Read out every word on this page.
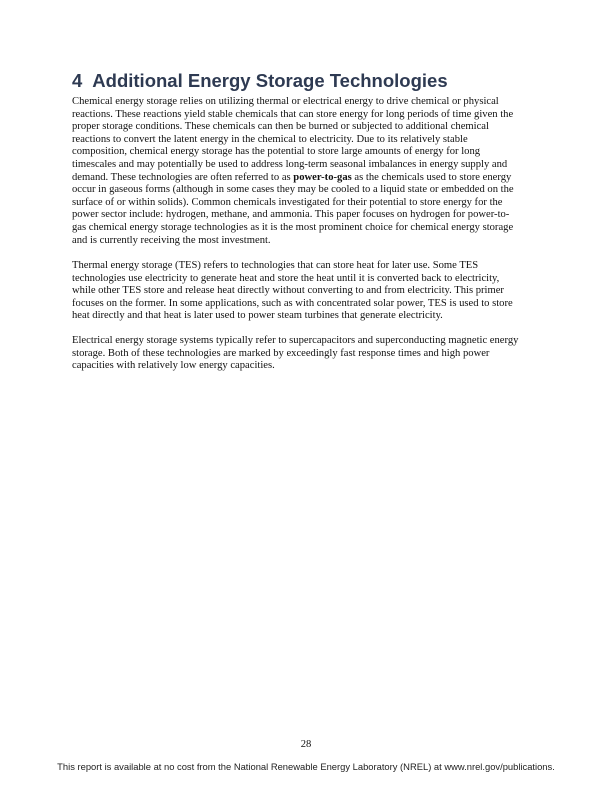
4 Additional Energy Storage Technologies
Chemical energy storage relies on utilizing thermal or electrical energy to drive chemical or physical
reactions. These reactions yield stable chemicals that can store energy for long periods of time given the
proper storage conditions. These chemicals can then be burned or subjected to additional chemical
reactions to convert the latent energy in the chemical to electricity. Due to its relatively stable
composition, chemical energy storage has the potential to store large amounts of energy for long
timescales and may potentially be used to address long-term seasonal imbalances in energy supply and
demand. These technologies are often referred to as power-to-gas as the chemicals used to store energy
occur in gaseous forms (although in some cases they may be cooled to a liquid state or embedded on the
surface of or within solids). Common chemicals investigated for their potential to store energy for the
power sector include: hydrogen, methane, and ammonia. This paper focuses on hydrogen for power-to-
gas chemical energy storage technologies as it is the most prominent choice for chemical energy storage
and is currently receiving the most investment.
Thermal energy storage (TES) refers to technologies that can store heat for later use. Some TES
technologies use electricity to generate heat and store the heat until it is converted back to electricity,
while other TES store and release heat directly without converting to and from electricity. This primer
focuses on the former. In some applications, such as with concentrated solar power, TES is used to store
heat directly and that heat is later used to power steam turbines that generate electricity.
Electrical energy storage systems typically refer to supercapacitors and superconducting magnetic energy
storage. Both of these technologies are marked by exceedingly fast response times and high power
capacities with relatively low energy capacities.
28
This report is available at no cost from the National Renewable Energy Laboratory (NREL) at www.nrel.gov/publications.
